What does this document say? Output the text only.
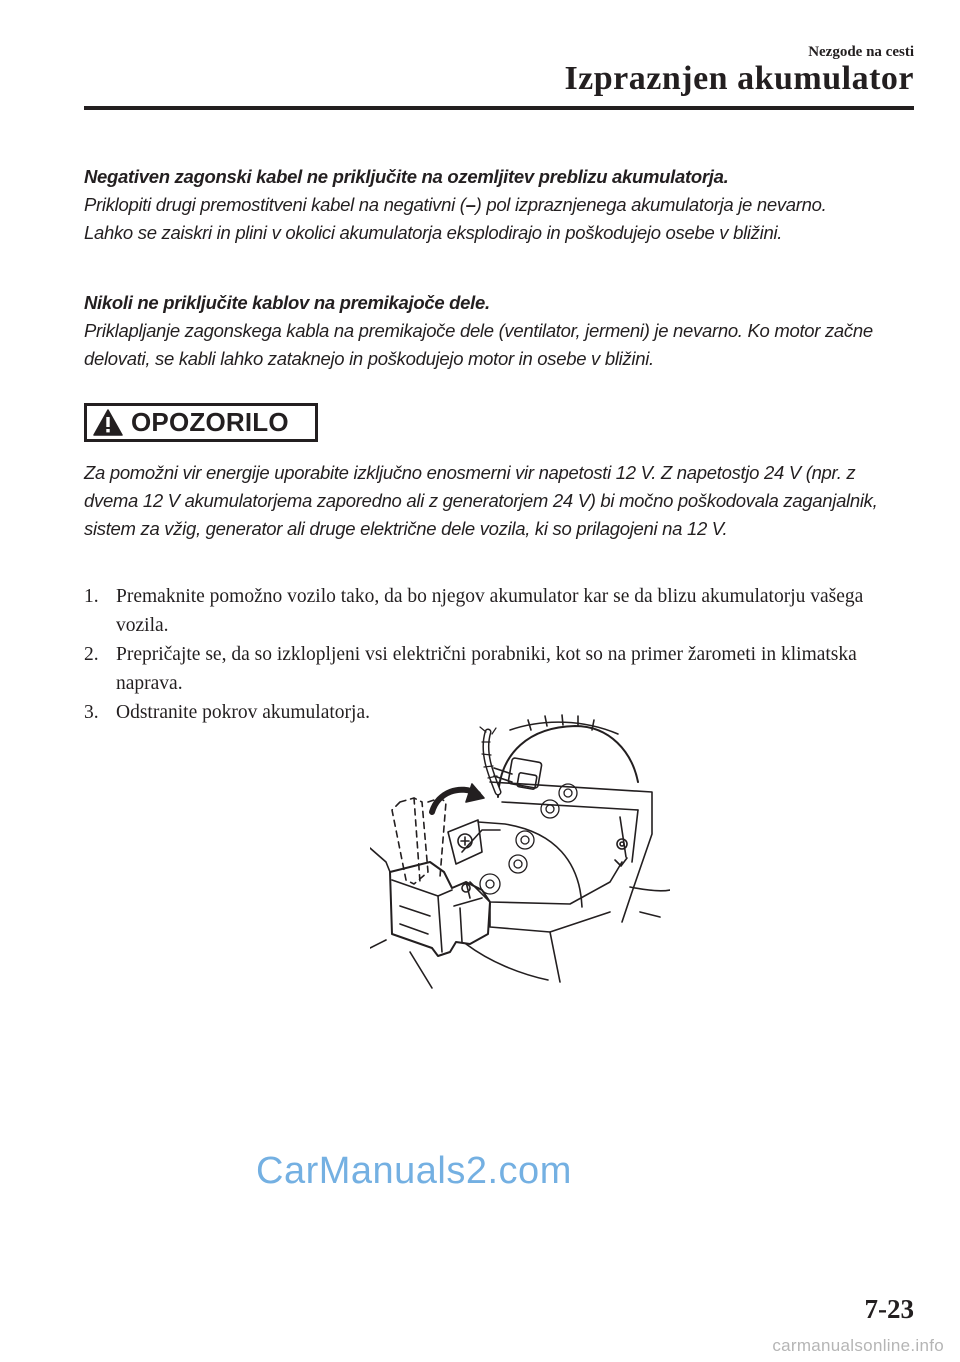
Nezgode na cesti
Izpraznjen akumulator

Negativen zagonski kabel ne priključite na ozemljitev preblizu akumulatorja.

Priklopiti drugi premostitveni kabel na negativni (–) pol izpraznjenega akumulatorja je nevarno.

Lahko se zaiskri in plini v okolici akumulatorja eksplodirajo in poškodujejo osebe v bližini.

Nikoli ne priključite kablov na premikajoče dele.

Priklapljanje zagonskega kabla na premikajoče dele (ventilator, jermeni) je nevarno. Ko motor začne delovati, se kabli lahko zataknejo in poškodujejo motor in osebe v bližini.

OPOZORILO

Za pomožni vir energije uporabite izključno enosmerni vir napetosti 12 V. Z napetostjo 24 V (npr. z dvema 12 V akumulatorjema zaporedno ali z generatorjem 24 V) bi močno poškodovala zaganjalnik, sistem za vžig, generator ali druge električne dele vozila, ki so prilagojeni na 12 V.

1. Premaknite pomožno vozilo tako, da bo njegov akumulator kar se da blizu akumulatorju vašega vozila.
2. Prepričajte se, da so izklopljeni vsi električni porabniki, kot so na primer žarometi in klimatska naprava.
3. Odstranite pokrov akumulatorja.
CarManuals2.com
7-23
carmanualsonline.info
